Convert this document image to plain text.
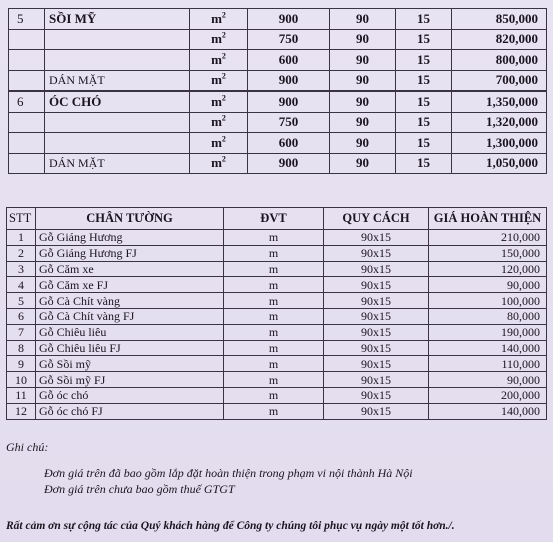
5	SỒI MỸ	$m^2$	900	90	15	850,000
		$m^2$	750	90	15	820,000
		$m^2$	600	90	15	800,000
	DÁN MẶT	$m^2$	900	90	15	700,000
6	ÓC CHÓ	$m^2$	900	90	15	1,350,000
		$m^2$	750	90	15	1,320,000
		$m^2$	600	90	15	1,300,000
	DÁN MẶT	$m^2$	900	90	15	1,050,000
STT	CHÂN TƯỜNG	ĐVT	QUY CÁCH	GIÁ HOÀN THIỆN
1	Gỗ Giáng Hương	m	90x15	210,000
2	Gỗ Giáng Hương FJ	m	90x15	150,000
3	Gỗ Căm xe	m	90x15	120,000
4	Gỗ Căm xe FJ	m	90x15	90,000
5	Gỗ Cà Chít vàng	m	90x15	100,000
6	Gỗ Cà Chít vàng FJ	m	90x15	80,000
7	Gỗ Chiêu liêu	m	90x15	190,000
8	Gỗ Chiêu liêu FJ	m	90x15	140,000
9	Gỗ Sồi mỹ	m	90x15	110,000
10	Gỗ Sồi mỹ FJ	m	90x15	90,000
11	Gỗ óc chó	m	90x15	200,000
12	Gỗ óc chó FJ	m	90x15	140,000
Ghi chú:
Đơn giá trên đã bao gồm lắp đặt hoàn thiện trong phạm vi nội thành Hà Nội
Đơn giá trên chưa bao gồm thuế GTGT
Rất cảm ơn sự cộng tác của Quý khách hàng để Công ty chúng tôi phục vụ ngày một tốt hơn./.
